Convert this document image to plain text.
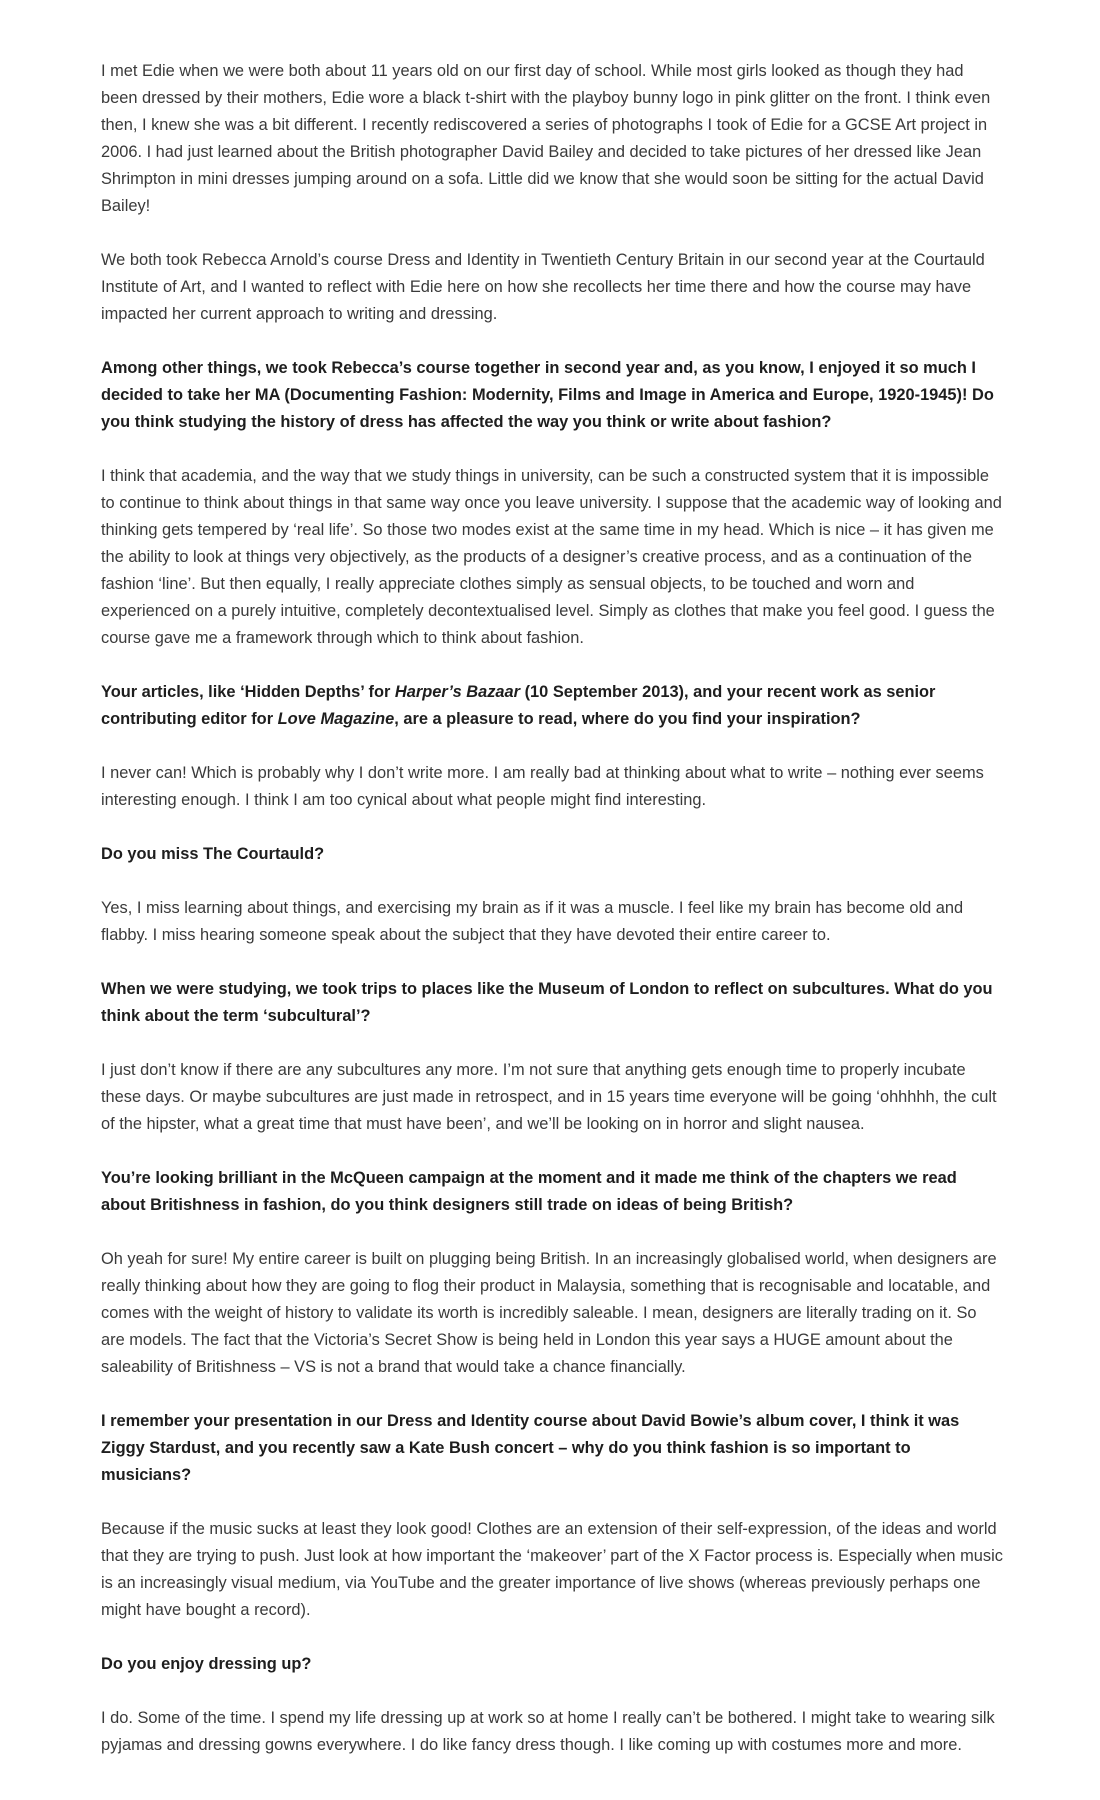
I met Edie when we were both about 11 years old on our first day of school. While most girls looked as though they had been dressed by their mothers, Edie wore a black t-shirt with the playboy bunny logo in pink glitter on the front. I think even then, I knew she was a bit different. I recently rediscovered a series of photographs I took of Edie for a GCSE Art project in 2006. I had just learned about the British photographer David Bailey and decided to take pictures of her dressed like Jean Shrimpton in mini dresses jumping around on a sofa. Little did we know that she would soon be sitting for the actual David Bailey!

We both took Rebecca Arnold’s course Dress and Identity in Twentieth Century Britain in our second year at the Courtauld Institute of Art, and I wanted to reflect with Edie here on how she recollects her time there and how the course may have impacted her current approach to writing and dressing.

Among other things, we took Rebecca’s course together in second year and, as you know, I enjoyed it so much I decided to take her MA (Documenting Fashion: Modernity, Films and Image in America and Europe, 1920-1945)! Do you think studying the history of dress has affected the way you think or write about fashion?

I think that academia, and the way that we study things in university, can be such a constructed system that it is impossible to continue to think about things in that same way once you leave university. I suppose that the academic way of looking and thinking gets tempered by ‘real life’. So those two modes exist at the same time in my head. Which is nice – it has given me the ability to look at things very objectively, as the products of a designer’s creative process, and as a continuation of the fashion ‘line’. But then equally, I really appreciate clothes simply as sensual objects, to be touched and worn and experienced on a purely intuitive, completely decontextualised level. Simply as clothes that make you feel good. I guess the course gave me a framework through which to think about fashion.

Your articles, like ‘Hidden Depths’ for Harper’s Bazaar (10 September 2013), and your recent work as senior contributing editor for Love Magazine, are a pleasure to read, where do you find your inspiration?

I never can! Which is probably why I don’t write more. I am really bad at thinking about what to write – nothing ever seems interesting enough. I think I am too cynical about what people might find interesting.

Do you miss The Courtauld?

Yes, I miss learning about things, and exercising my brain as if it was a muscle. I feel like my brain has become old and flabby. I miss hearing someone speak about the subject that they have devoted their entire career to.

When we were studying, we took trips to places like the Museum of London to reflect on subcultures. What do you think about the term ‘subcultural’?

I just don’t know if there are any subcultures any more. I’m not sure that anything gets enough time to properly incubate these days. Or maybe subcultures are just made in retrospect, and in 15 years time everyone will be going ‘ohhhhh, the cult of the hipster, what a great time that must have been’, and we’ll be looking on in horror and slight nausea.

You’re looking brilliant in the McQueen campaign at the moment and it made me think of the chapters we read about Britishness in fashion, do you think designers still trade on ideas of being British?

Oh yeah for sure! My entire career is built on plugging being British. In an increasingly globalised world, when designers are really thinking about how they are going to flog their product in Malaysia, something that is recognisable and locatable, and comes with the weight of history to validate its worth is incredibly saleable. I mean, designers are literally trading on it. So are models. The fact that the Victoria’s Secret Show is being held in London this year says a HUGE amount about the saleability of Britishness – VS is not a brand that would take a chance financially.

I remember your presentation in our Dress and Identity course about David Bowie’s album cover, I think it was Ziggy Stardust, and you recently saw a Kate Bush concert – why do you think fashion is so important to musicians?

Because if the music sucks at least they look good! Clothes are an extension of their self-expression, of the ideas and world that they are trying to push. Just look at how important the ‘makeover’ part of the X Factor process is. Especially when music is an increasingly visual medium, via YouTube and the greater importance of live shows (whereas previously perhaps one might have bought a record).

Do you enjoy dressing up?

I do. Some of the time. I spend my life dressing up at work so at home I really can’t be bothered. I might take to wearing silk pyjamas and dressing gowns everywhere. I do like fancy dress though. I like coming up with costumes more and more.
